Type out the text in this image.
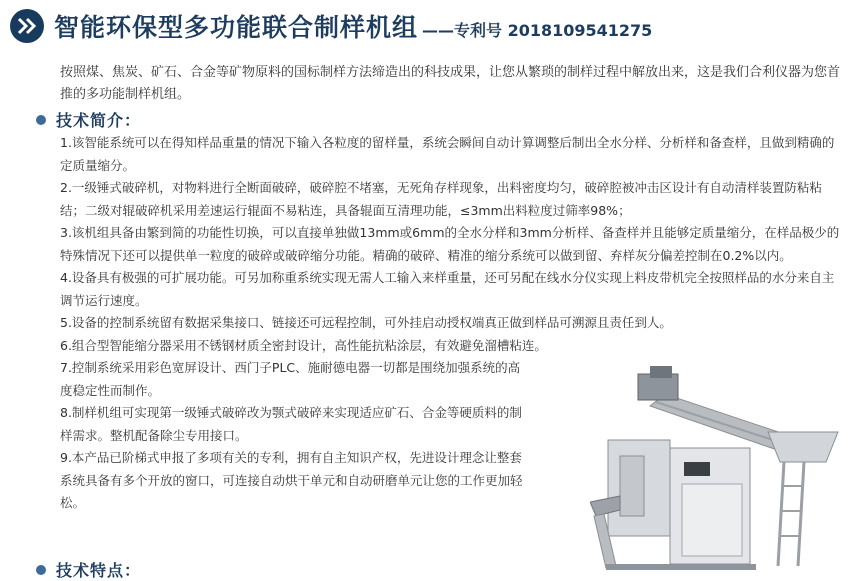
智能环保型多功能联合制样机组 ——专利号 2018109541275

按照煤、焦炭、矿石、合金等矿物原料的国标制样方法缔造出的科技成果，让您从繁琐的制样过程中解放出来，这是我们合利仪器为您首推的多功能制样机组。

技术简介：

1.该智能系统可以在得知样品重量的情况下输入各粒度的留样量，系统会瞬间自动计算调整后制出全水分样、分析样和备查样，且做到精确的定质量缩分。

2.一级锤式破碎机，对物料进行全断面破碎，破碎腔不堵塞，无死角存样现象，出料密度均匀，破碎腔被冲击区设计有自动清样装置防粘粘结；二级对辊破碎机采用差速运行辊面不易粘连，具备辊面互清理功能，≤3mm出料粒度过筛率98%；

3.该机组具备由繁到简的功能性切换，可以直接单独做13mm或6mm的全水分样和3mm分析样、备查样并且能够定质量缩分，在样品极少的特殊情况下还可以提供单一粒度的破碎或破碎缩分功能。精确的破碎、精准的缩分系统可以做到留、弃样灰分偏差控制在0.2%以内。

4.设备具有极强的可扩展功能。可另加称重系统实现无需人工输入来样重量，还可另配在线水分仪实现上料皮带机完全按照样品的水分来自主调节运行速度。

5.设备的控制系统留有数据采集接口、链接还可远程控制，可外挂启动授权端真正做到样品可溯源且责任到人。

6.组合型智能缩分器采用不锈钢材质全密封设计，高性能抗粘涂层，有效避免溜槽粘连。

7.控制系统采用彩色宽屏设计、西门子PLC、施耐德电器一切都是围绕加强系统的高度稳定性而制作。

8.制样机组可实现第一级锤式破碎改为颚式破碎来实现适应矿石、合金等硬质料的制样需求。整机配备除尘专用接口。

9.本产品已阶梯式申报了多项有关的专利，拥有自主知识产权，先进设计理念让整套系统具备有多个开放的窗口，可连接自动烘干单元和自动研磨单元让您的工作更加轻松。

技术特点：
